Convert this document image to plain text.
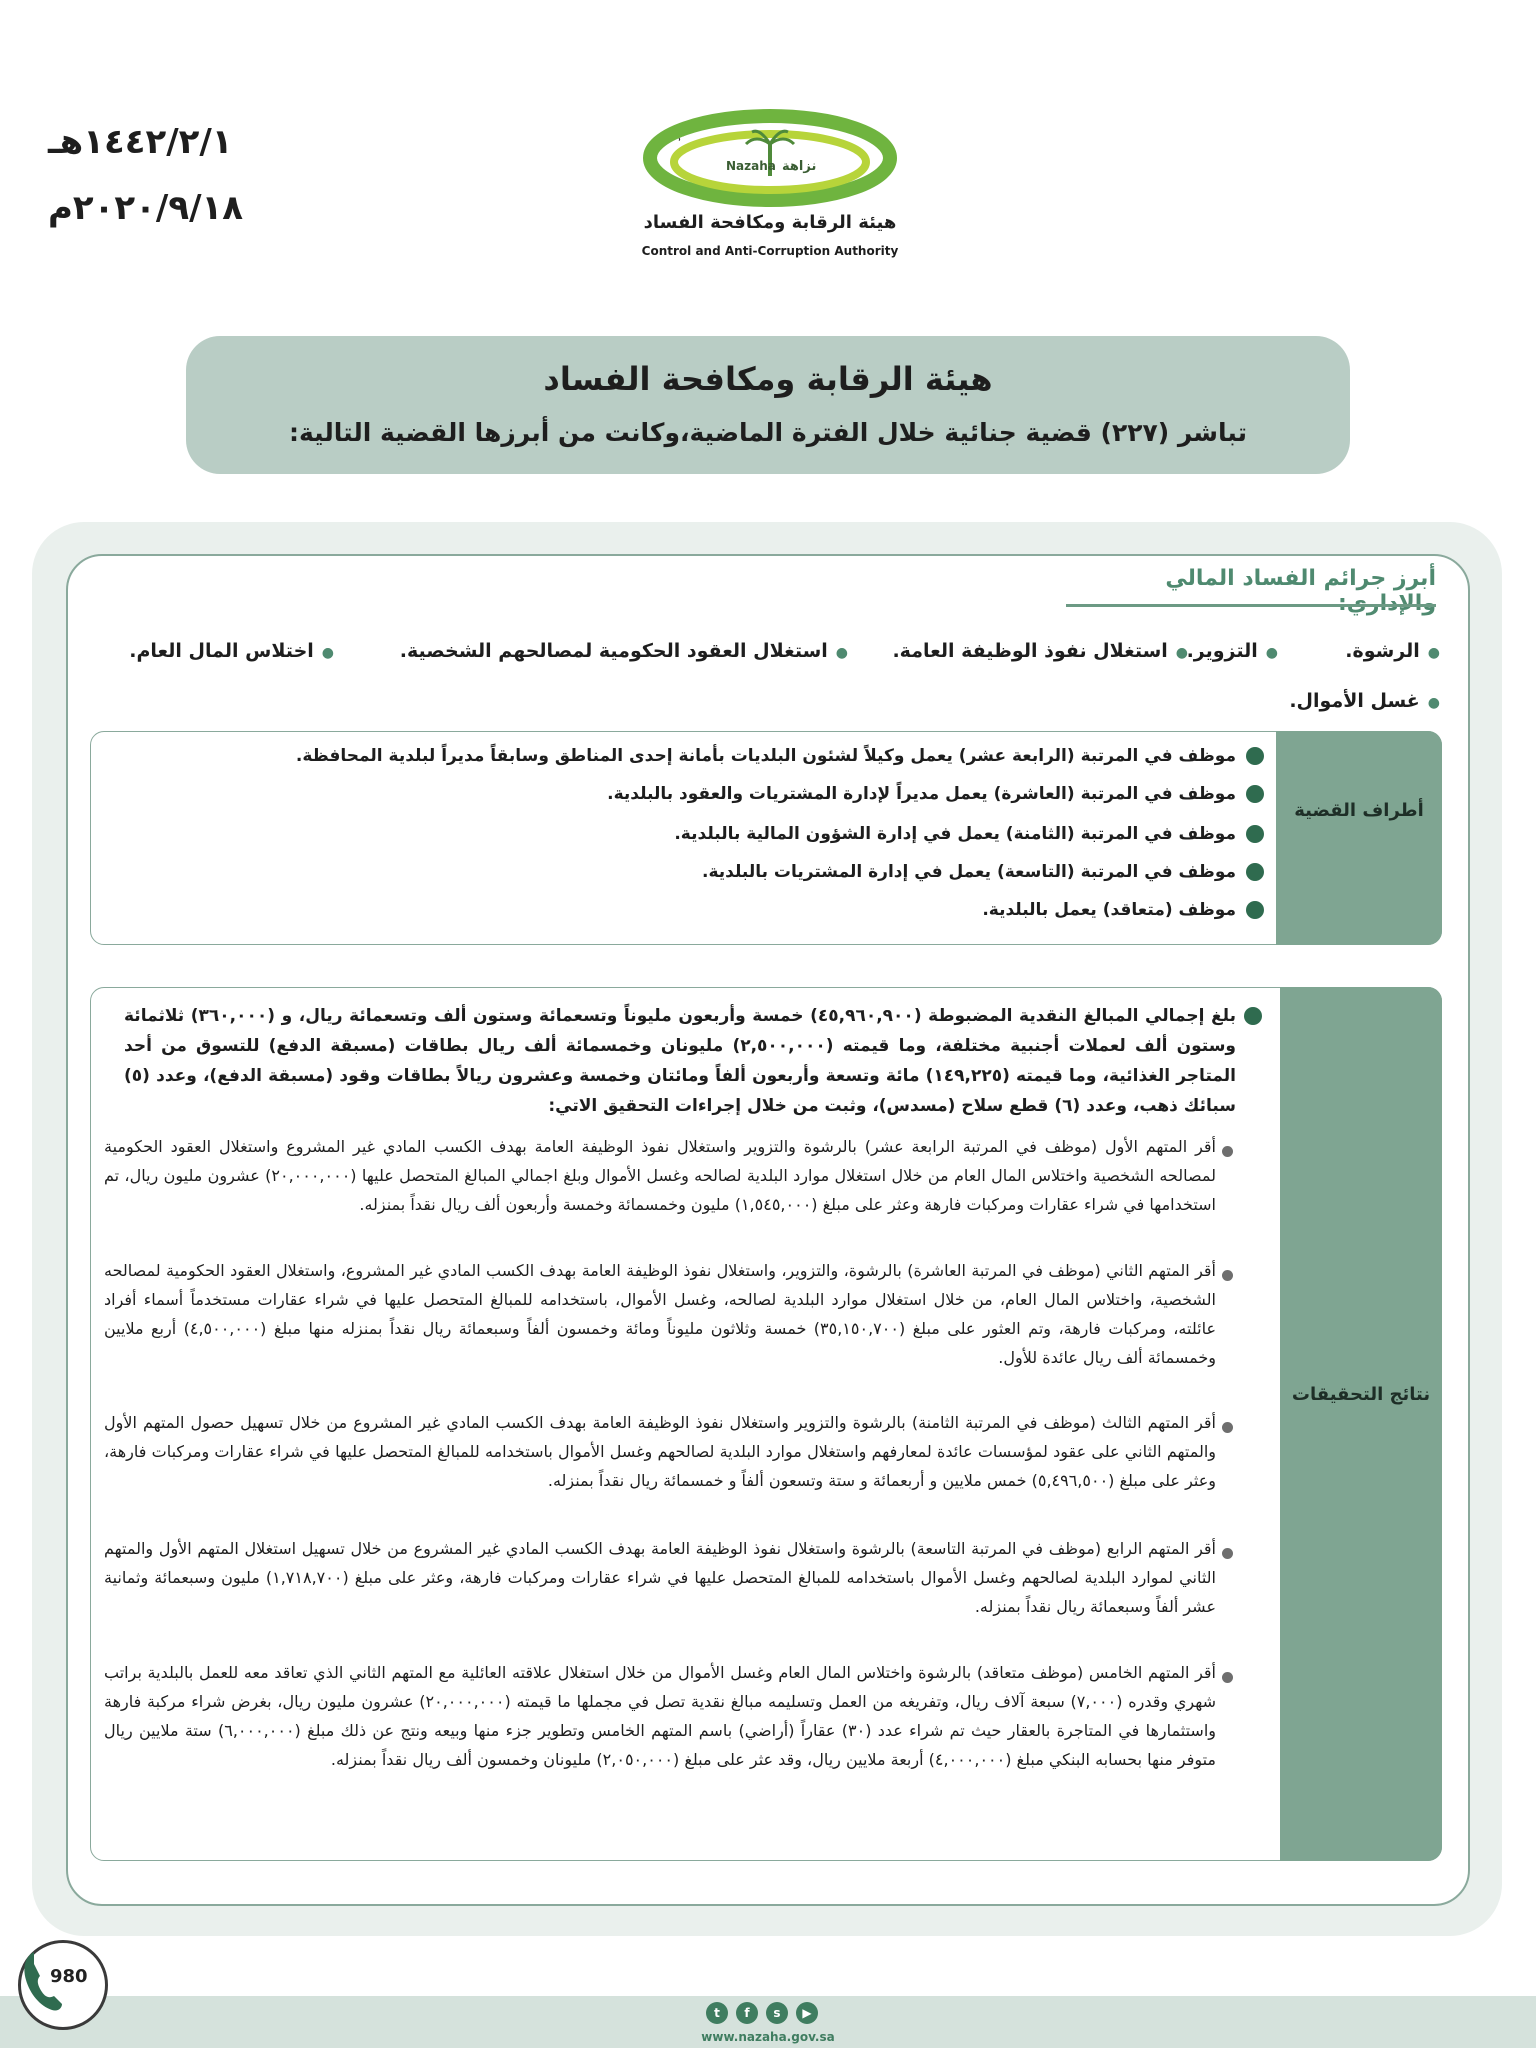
١٤٤٢/٢/١هـ
٢٠٢٠/٩/١٨م
وَلَا
Nazaha نزاهة
هيئة الرقابة ومكافحة الفساد
Control and Anti-Corruption Authority
هيئة الرقابة ومكافحة الفساد
تباشر (٢٢٧) قضية جنائية خلال الفترة الماضية،وكانت من أبرزها القضية التالية:
أبرز جرائم الفساد المالي
●الرشوة.
●التزوير.
●استغلال نفوذ الوظيفة العامة.
●استغلال العقود الحكومية لمصالحهم الشخصية.
●اختلاس المال العام.
●غسل الأموال.
أطراف القضية
موظف في المرتبة (الرابعة عشر) يعمل وكيلاً لشئون البلديات بأمانة إحدى المناطق وسابقاً مديراً لبلدية المحافظة.
موظف في المرتبة (العاشرة) يعمل مديراً لإدارة المشتريات والعقود بالبلدية.
موظف في المرتبة (الثامنة) يعمل في إدارة الشؤون المالية بالبلدية.
موظف في المرتبة (التاسعة) يعمل في إدارة المشتريات بالبلدية.
موظف (متعاقد) يعمل بالبلدية.
نتائج التحقيقات
بلغ إجمالي المبالغ النقدية المضبوطة (٤٥,٩٦٠,٩٠٠) خمسة وأربعون مليوناً وتسعمائة وستون ألف وتسعمائة ريال، و (٣٦٠,٠٠٠) ثلاثمائة وستون ألف لعملات أجنبية مختلفة، وما قيمته (٢,٥٠٠,٠٠٠) مليونان وخمسمائة ألف ريال بطاقات (مسبقة الدفع) للتسوق من أحد المتاجر الغذائية، وما قيمته (١٤٩,٢٢٥) مائة وتسعة وأربعون ألفاً ومائتان وخمسة وعشرون ريالاً بطاقات وقود (مسبقة الدفع)، وعدد (٥) سبائك ذهب، وعدد (٦) قطع سلاح (مسدس)، وثبت من خلال إجراءات التحقيق الاتي:
أقر المتهم الأول (موظف في المرتبة الرابعة عشر) بالرشوة والتزوير واستغلال نفوذ الوظيفة العامة بهدف الكسب المادي غير المشروع واستغلال العقود الحكومية لمصالحه الشخصية واختلاس المال العام من خلال استغلال موارد البلدية لصالحه وغسل الأموال وبلغ اجمالي المبالغ المتحصل عليها (٢٠,٠٠٠,٠٠٠) عشرون مليون ريال، تم استخدامها في شراء عقارات ومركبات فارهة وعثر على مبلغ (١,٥٤٥,٠٠٠) مليون وخمسمائة وخمسة وأربعون ألف ريال نقداً بمنزله.
أقر المتهم الثاني (موظف في المرتبة العاشرة) بالرشوة، والتزوير، واستغلال نفوذ الوظيفة العامة بهدف الكسب المادي غير المشروع، واستغلال العقود الحكومية لمصالحه الشخصية، واختلاس المال العام، من خلال استغلال موارد البلدية لصالحه، وغسل الأموال، باستخدامه للمبالغ المتحصل عليها في شراء عقارات مستخدماً أسماء أفراد عائلته، ومركبات فارهة، وتم العثور على مبلغ (٣٥,١٥٠,٧٠٠) خمسة وثلاثون مليوناً ومائة وخمسون ألفاً وسبعمائة ريال نقداً بمنزله منها مبلغ (٤,٥٠٠,٠٠٠) أربع ملايين وخمسمائة ألف ريال عائدة للأول.
أقر المتهم الثالث (موظف في المرتبة الثامنة) بالرشوة والتزوير واستغلال نفوذ الوظيفة العامة بهدف الكسب المادي غير المشروع من خلال تسهيل حصول المتهم الأول والمتهم الثاني على عقود لمؤسسات عائدة لمعارفهم واستغلال موارد البلدية لصالحهم وغسل الأموال باستخدامه للمبالغ المتحصل عليها في شراء عقارات ومركبات فارهة، وعثر على مبلغ (٥,٤٩٦,٥٠٠) خمس ملايين و أربعمائة و ستة وتسعون ألفاً و خمسمائة ريال نقداً بمنزله.
أقر المتهم الرابع (موظف في المرتبة التاسعة) بالرشوة واستغلال نفوذ الوظيفة العامة بهدف الكسب المادي غير المشروع من خلال تسهيل استغلال المتهم الأول والمتهم الثاني لموارد البلدية لصالحهم وغسل الأموال باستخدامه للمبالغ المتحصل عليها في شراء عقارات ومركبات فارهة، وعثر على مبلغ (١,٧١٨,٧٠٠) مليون وسبعمائة وثمانية عشر ألفاً وسبعمائة ريال نقداً بمنزله.
أقر المتهم الخامس (موظف متعاقد) بالرشوة واختلاس المال العام وغسل الأموال من خلال استغلال علاقته العائلية مع المتهم الثاني الذي تعاقد معه للعمل بالبلدية براتب شهري وقدره (٧,٠٠٠) سبعة آلاف ريال، وتفريغه من العمل وتسليمه مبالغ نقدية تصل في مجملها ما قيمته (٢٠,٠٠٠,٠٠٠) عشرون مليون ريال، بغرض شراء مركبة فارهة واستثمارها في المتاجرة بالعقار حيث تم شراء عدد (٣٠) عقاراً (أراضي) باسم المتهم الخامس وتطوير جزء منها وبيعه ونتج عن ذلك مبلغ (٦,٠٠٠,٠٠٠) ستة ملايين ريال متوفر منها بحسابه البنكي مبلغ (٤,٠٠٠,٠٠٠) أربعة ملايين ريال، وقد عثر على مبلغ (٢,٠٥٠,٠٠٠) مليونان وخمسون ألف ريال نقداً بمنزله.
980
t	f	s	▶
www.nazaha.gov.sa
